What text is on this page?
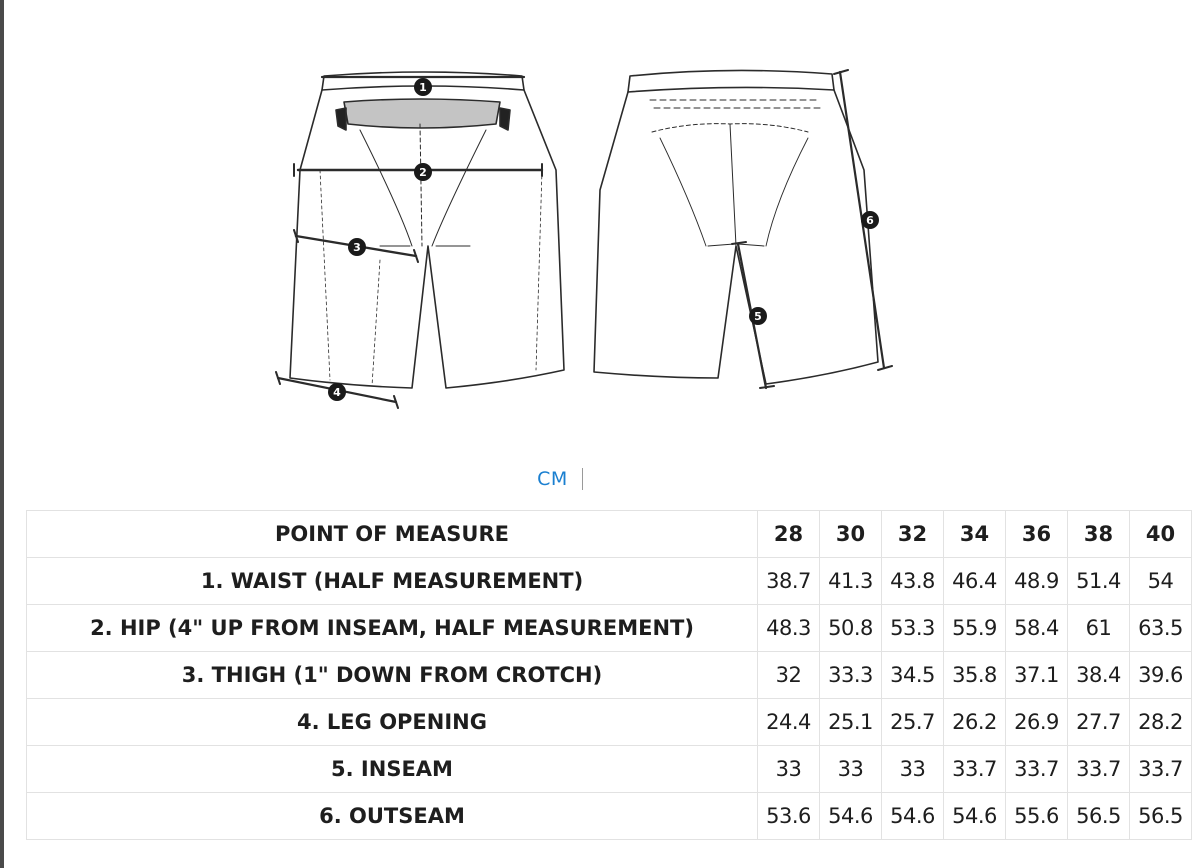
1
2
3
4
5
6
CM
POINT OF MEASURE	28	30	32	34	36	38	40
1. WAIST (HALF MEASUREMENT)	38.7	41.3	43.8	46.4	48.9	51.4	54
2. HIP (4" UP FROM INSEAM, HALF MEASUREMENT)	48.3	50.8	53.3	55.9	58.4	61	63.5
3. THIGH (1" DOWN FROM CROTCH)	32	33.3	34.5	35.8	37.1	38.4	39.6
4. LEG OPENING	24.4	25.1	25.7	26.2	26.9	27.7	28.2
5. INSEAM	33	33	33	33.7	33.7	33.7	33.7
6. OUTSEAM	53.6	54.6	54.6	54.6	55.6	56.5	56.5
